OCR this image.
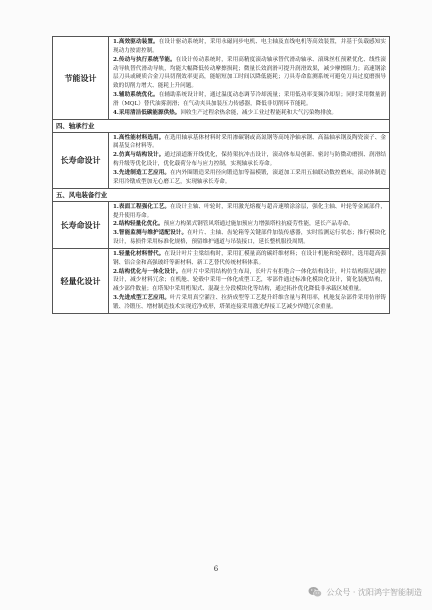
节能设计

1.高效驱动装置。在设计驱动系统时，采用永磁同步电机、电主轴及直线电机等高效装置，并基于负载感知实现动力按需控制。

2.传动与执行系统节能。在设计传动系统时，采用高精度滚动轴承替代滑动轴承、滚珠丝杠预紧优化、线性滚动导轨替代滑动导轨，均能大幅降低传动摩擦损耗；微量长效润滑可提升润滑效果，减少摩擦阻力；高速钢涂层刀具或硬质合金刀具切削效率更高，能缩短加工时间以降低能耗；刀具寿命监测系统可避免刀具过度磨损导致的切削力增大、能耗上升问题。

3.辅助系统优化。在辅助系统设计时，通过温度动态调节冷却流量；采用低功率变频冷却泵；同时采用微量润滑（MQL）替代油雾润滑；在气动夹具加装压力传感器，降低非切削环节能耗。

4.采用清洁低碳能源供热。回收生产过程余热余能，减少工业过程能耗和大气污染物排放。

四、轴承行业
长寿命设计

1.高性能材料选用。在选用轴承基体材料时采用渗碳钢或高氮钢等高纯净轴承钢、高温轴承钢及陶瓷滚子、金属基复合材料等。

2.仿真与结构设计。通过滚道渐开线优化，保持架抗冲击设计，滚动体布局创新、密封与防微动磨损、润滑结构升级等优化设计，优化载荷分布与应力控制，实现轴承长寿命。

3.先进制造工艺应用。在内外圈锻造采用径向锻造加等温模锻，滚道加工采用五轴联动数控磨床，滚动体制造采用冷镦成型加无心磨工艺，实现轴承长寿命。

五、风电装备行业
长寿命设计

1.表面工程强化工艺。在设计主轴、叶轮时，采用激光熔覆与超音速喷涂涂层，强化主轴、叶轮等金属部件，提升使用寿命。

2.结构轻量化优化。预应力构架式钢管风塔通过施加预应力增强塔柱抗疲劳性能，延长产品寿命。

3.智能监测与维护适配设计。在叶片、主轴、齿轮箱等关键部件加装传感器，实时监测运行状态；推行模块化设计，易损件采用标准化规格，预留维护通道与吊装接口，延长整机服役周期。

轻量化设计

1.轻量化材料替代。在设计叶片主梁结构时，采用汇模量高的碳纤维材料；在设计机舱和轮毂时，选用超高强钢、铝合金和高强玻纤等新材料、新工艺替代传统材料体系。

2.结构优化与一体化设计。在叶片中采用结构仿生布局，长叶片有拒绝合一体化结构设计，叶片结构阻尼调控设计，减少材料冗余；在机舱、轮毂中采用一体化成型工艺，零部件通过标准化模块化设计，简化装配结构，减少部件数量；在塔架中采用桁架式、混凝土分段模块化等结构，通过拓扑优化降低非承载区域重量。

3.先进成型工艺应用。叶片采用真空灌注、拉挤成型等工艺提升纤维含量与利用率，机舱复杂部件采用仿形铸锻、冷锻压、增材制造技术实现近净成形，塔架连接采用激光焊接工艺减少焊缝冗余重量。

6
公众号 · 沈阳鸿宇智能制造
